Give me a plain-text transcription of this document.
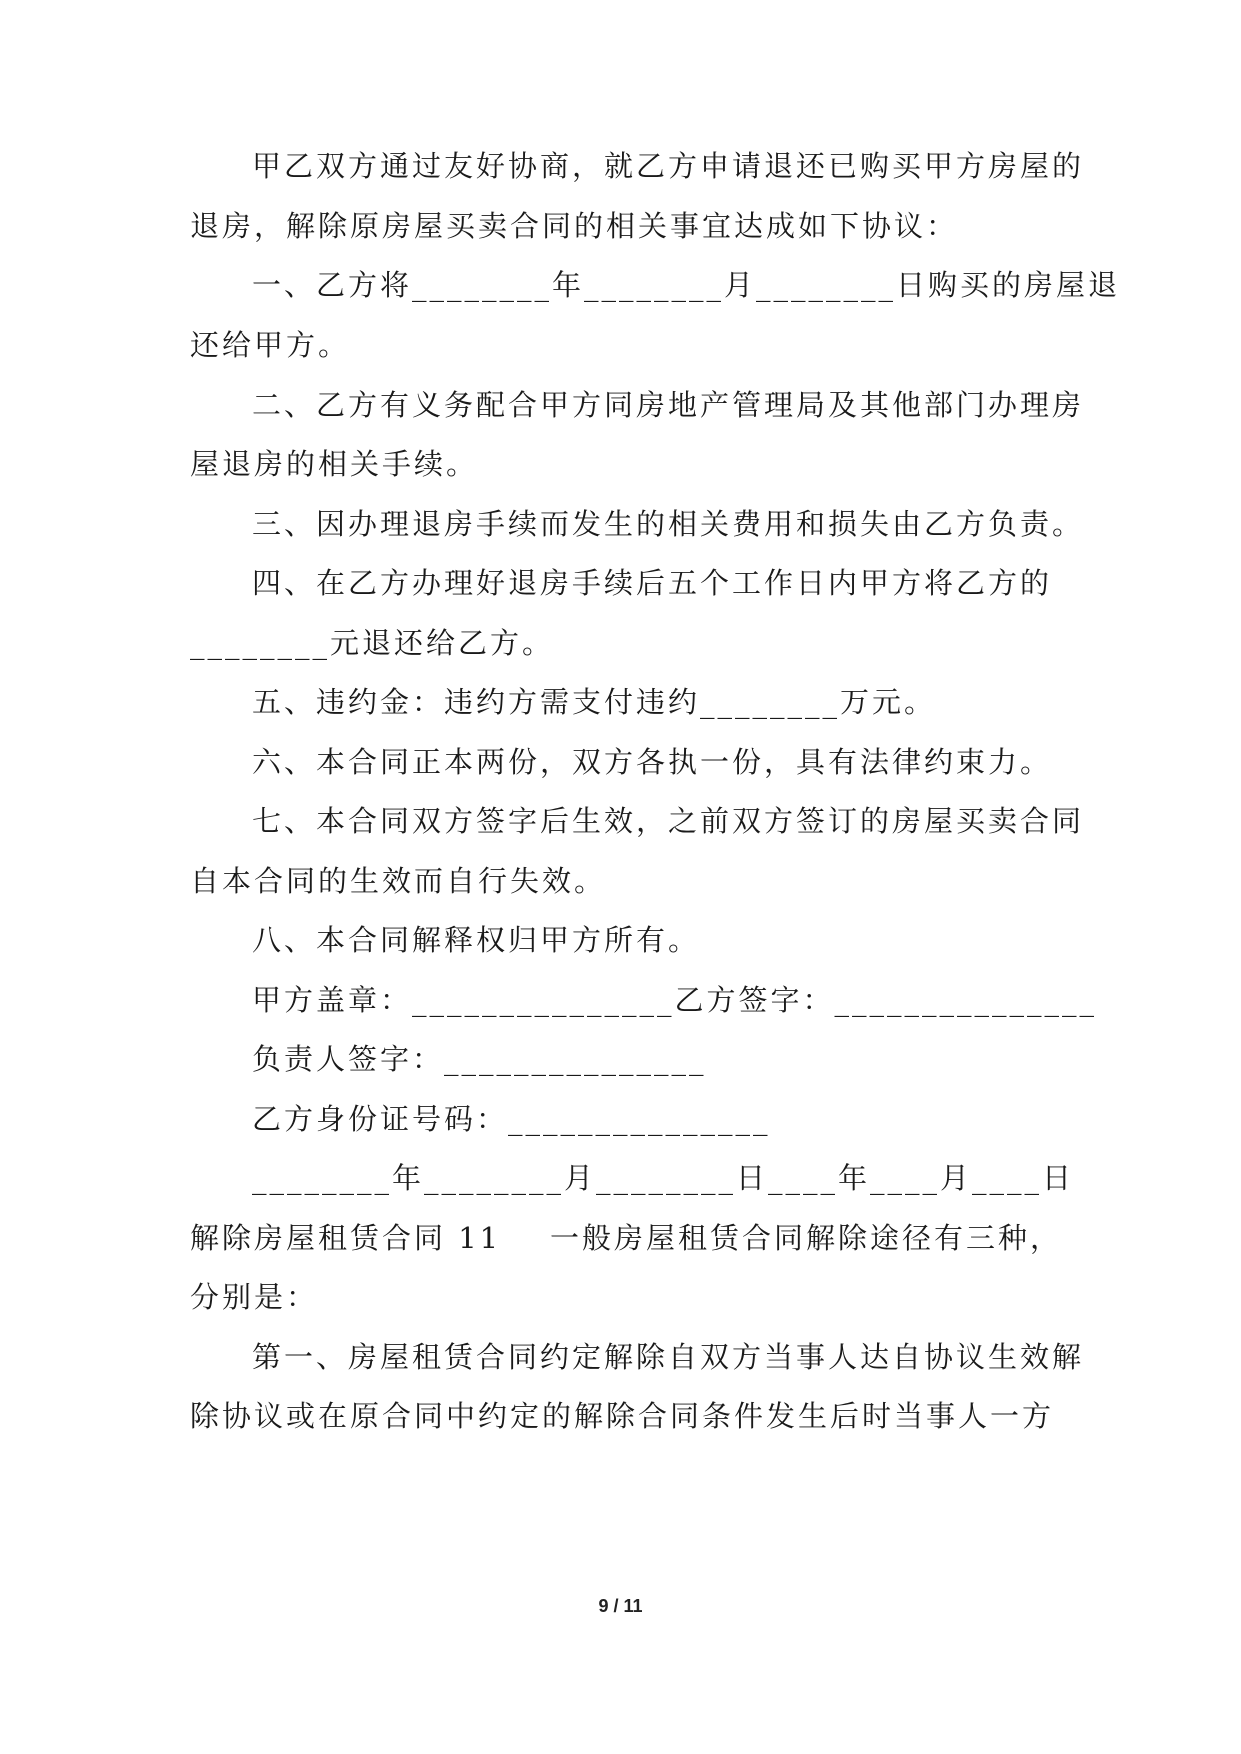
甲乙双方通过友好协商，就乙方申请退还已购买甲方房屋的
退房，解除原房屋买卖合同的相关事宜达成如下协议：
一、乙方将________年________月________日购买的房屋退
还给甲方。
二、乙方有义务配合甲方同房地产管理局及其他部门办理房
屋退房的相关手续。
三、因办理退房手续而发生的相关费用和损失由乙方负责。
四、在乙方办理好退房手续后五个工作日内甲方将乙方的
________元退还给乙方。
五、违约金：违约方需支付违约________万元。
六、本合同正本两份，双方各执一份，具有法律约束力。
七、本合同双方签字后生效，之前双方签订的房屋买卖合同
自本合同的生效而自行失效。
八、本合同解释权归甲方所有。
甲方盖章：_______________乙方签字：_______________
负责人签字：_______________
乙方身份证号码：_______________
________年________月________日____年____月____日
解除房屋租赁合同 11    一般房屋租赁合同解除途径有三种，
分别是：
第一、房屋租赁合同约定解除自双方当事人达自协议生效解
除协议或在原合同中约定的解除合同条件发生后时当事人一方
9 / 11
